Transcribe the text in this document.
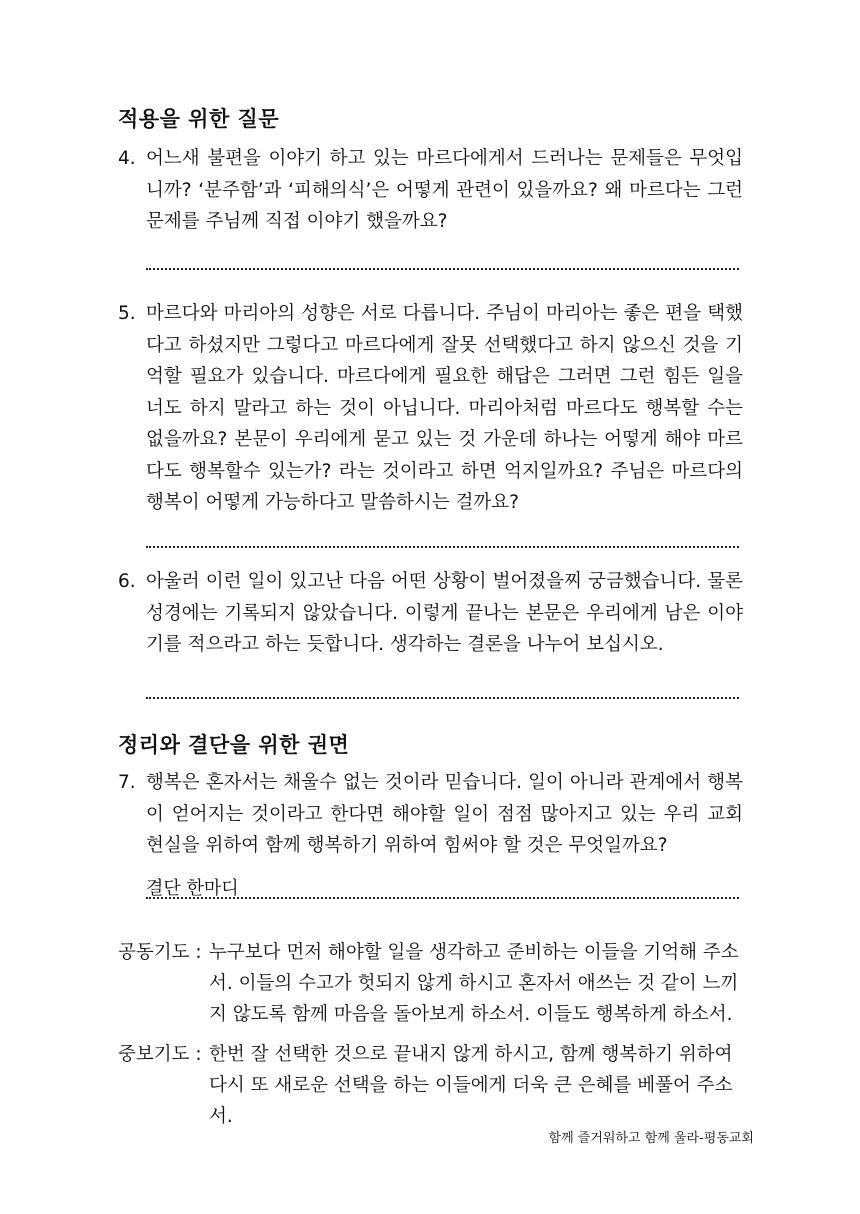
적용을 위한 질문
4. 어느새 불편을 이야기 하고 있는 마르다에게서 드러나는 문제들은 무엇입니까? ‘분주함’과 ‘피해의식’은 어떻게 관련이 있을까요? 왜 마르다는 그런 문제를 주님께 직접 이야기 했을까요?
5. 마르다와 마리아의 성향은 서로 다릅니다. 주님이 마리아는 좋은 편을 택했다고 하셨지만 그렇다고 마르다에게 잘못 선택했다고 하지 않으신 것을 기억할 필요가 있습니다. 마르다에게 필요한 해답은 그러면 그런 힘든 일을 너도 하지 말라고 하는 것이 아닙니다. 마리아처럼 마르다도 행복할 수는 없을까요? 본문이 우리에게 묻고 있는 것 가운데 하나는 어떻게 해야 마르다도 행복할수 있는가? 라는 것이라고 하면 억지일까요? 주님은 마르다의 행복이 어떻게 가능하다고 말씀하시는 걸까요?
6. 아울러 이런 일이 있고난 다음 어떤 상황이 벌어졌을찌 궁금했습니다. 물론 성경에는 기록되지 않았습니다. 이렇게 끝나는 본문은 우리에게 남은 이야기를 적으라고 하는 듯합니다. 생각하는 결론을 나누어 보십시오.
정리와 결단을 위한 권면
7. 행복은 혼자서는 채울수 없는 것이라 믿습니다. 일이 아니라 관계에서 행복이 얻어지는 것이라고 한다면 해야할 일이 점점 많아지고 있는 우리 교회 현실을 위하여 함께 행복하기 위하여 힘써야 할 것은 무엇일까요?
결단 한마디
공동기도 : 누구보다 먼저 해야할 일을 생각하고 준비하는 이들을 기억해 주소서. 이들의 수고가 헛되지 않게 하시고 혼자서 애쓰는 것 같이 느끼지 않도록 함께 마음을 돌아보게 하소서. 이들도 행복하게 하소서.
중보기도 : 한번 잘 선택한 것으로 끝내지 않게 하시고, 함께 행복하기 위하여 다시 또 새로운 선택을 하는 이들에게 더욱 큰 은혜를 베풀어 주소서.
함께 즐거워하고 함께 울라-평동교회
